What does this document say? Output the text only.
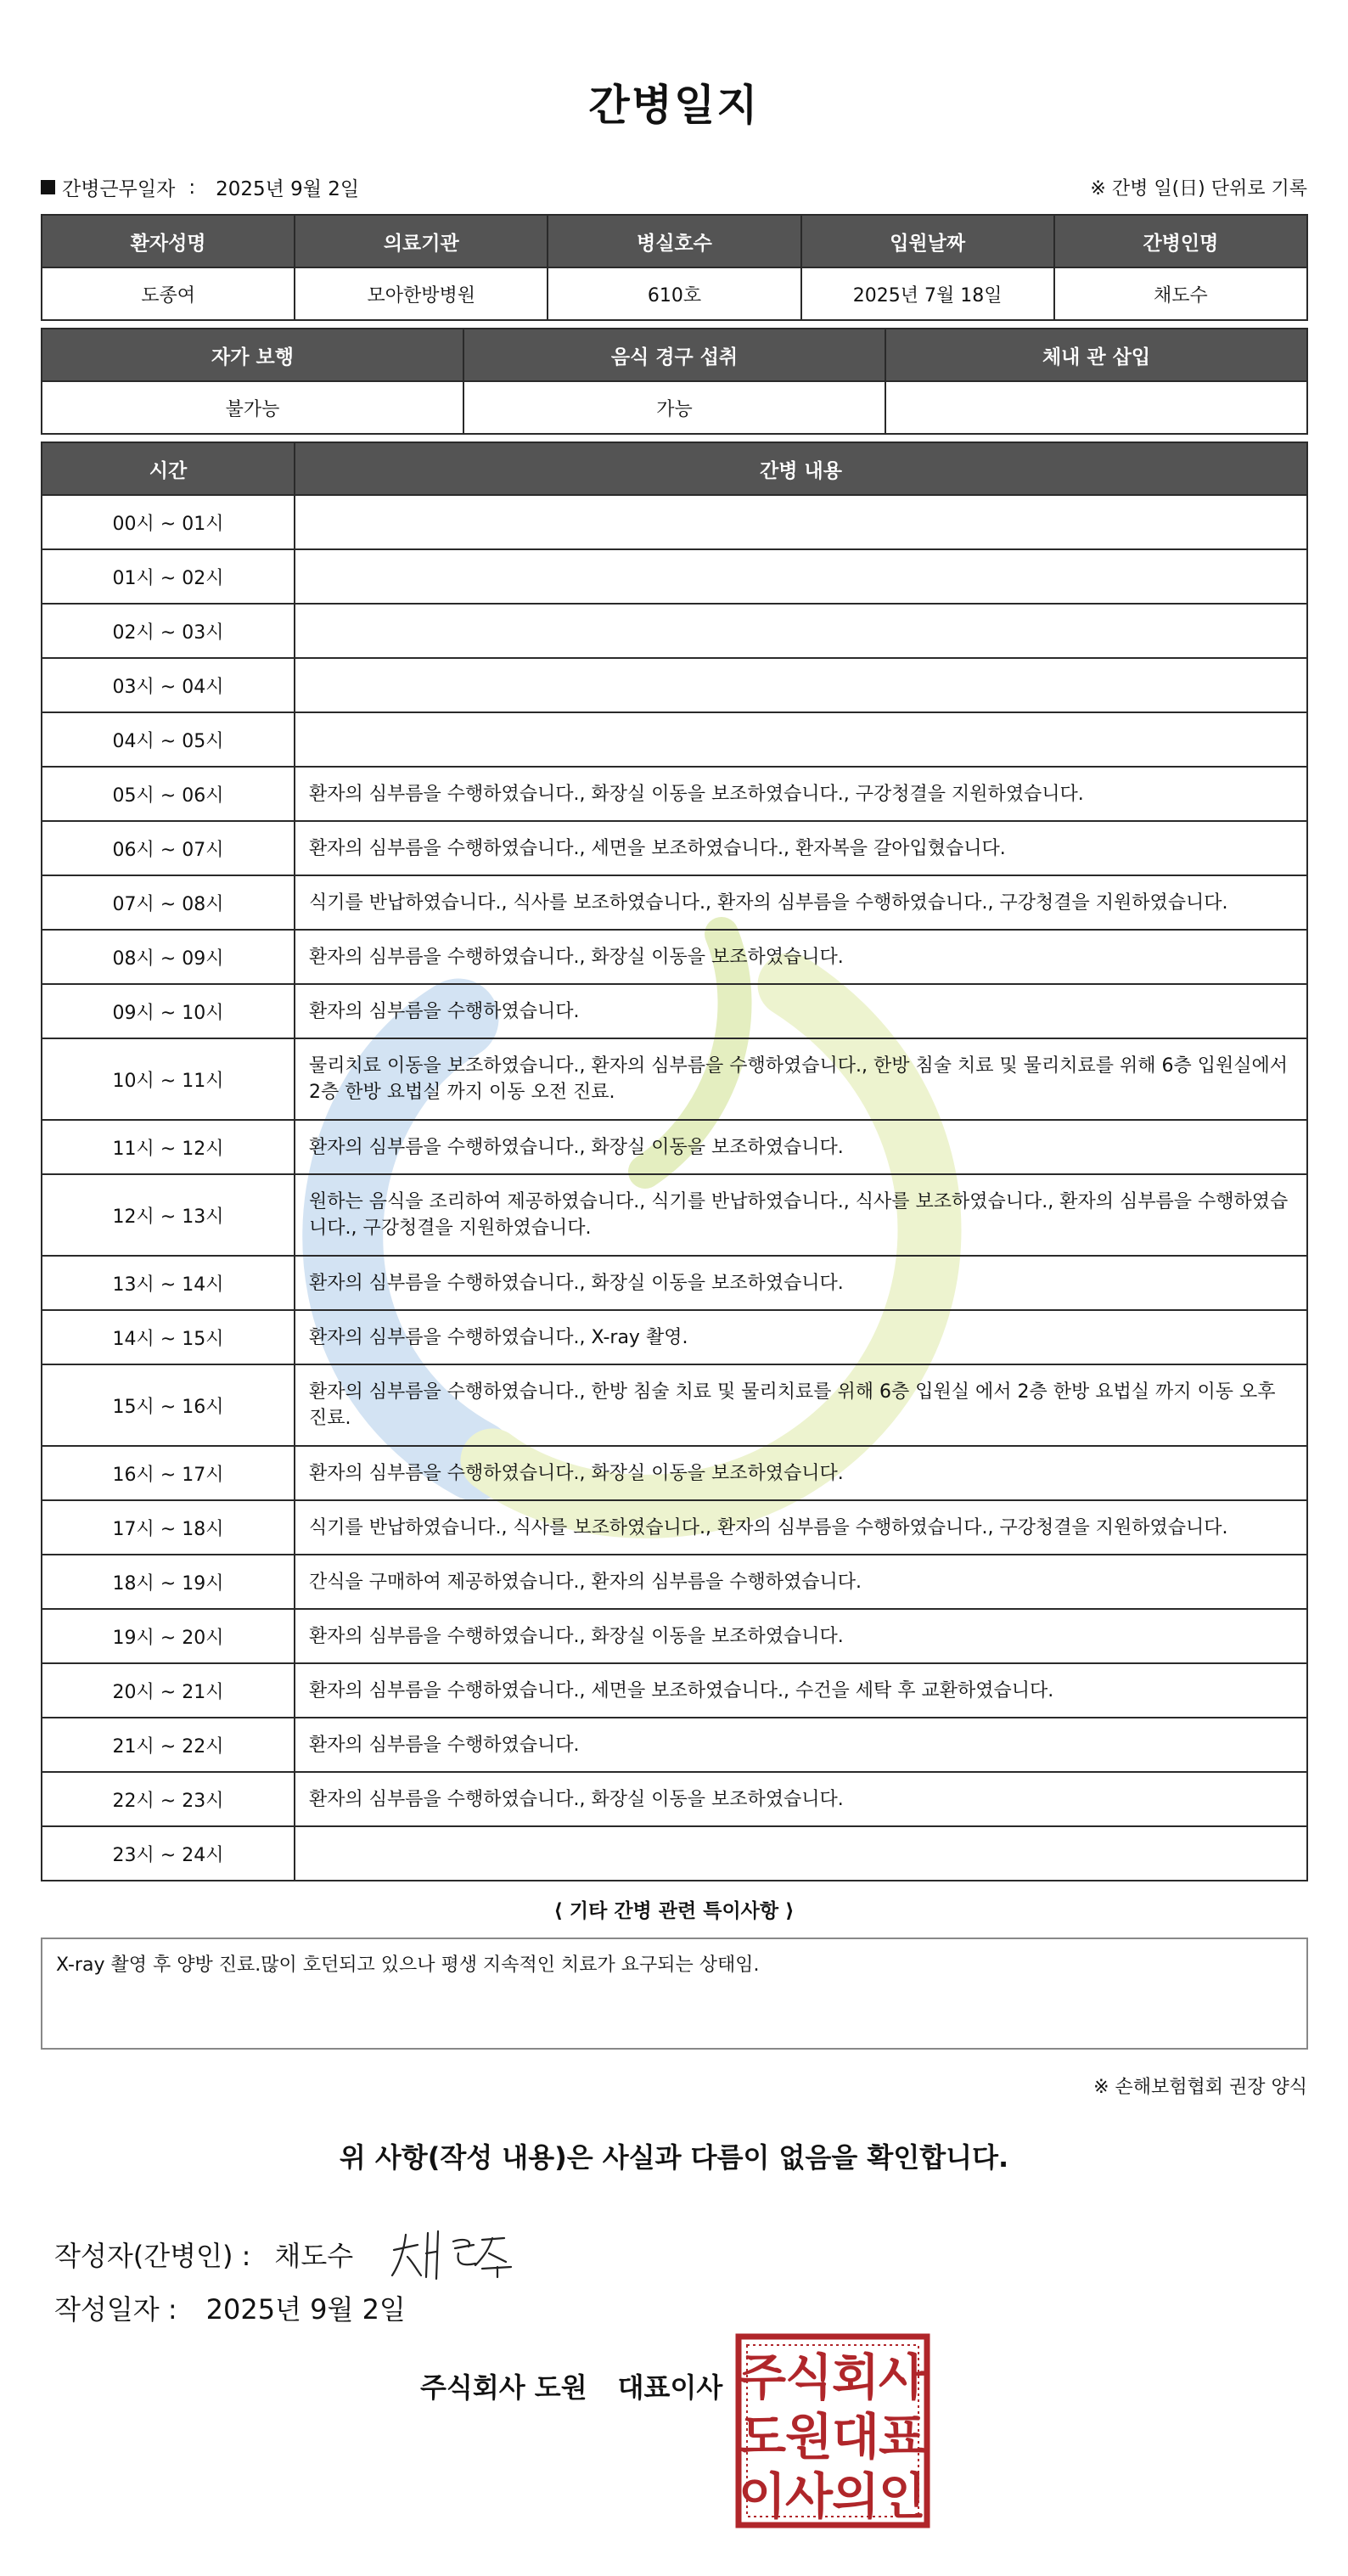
간병일지
간병근무일자 : 2025년 9월 2일	※ 간병 일(日) 단위로 기록
환자성명	의료기관	병실호수	입원날짜	간병인명
도종여	모아한방병원	610호	2025년 7월 18일	채도수
자가 보행	음식 경구 섭취	체내 관 삽입
불가능	가능	
시간	간병 내용
00시 ~ 01시	
01시 ~ 02시	
02시 ~ 03시	
03시 ~ 04시	
04시 ~ 05시	
05시 ~ 06시	환자의 심부름을 수행하였습니다., 화장실 이동을 보조하였습니다., 구강청결을 지원하였습니다.
06시 ~ 07시	환자의 심부름을 수행하였습니다., 세면을 보조하였습니다., 환자복을 갈아입혔습니다.
07시 ~ 08시	식기를 반납하였습니다., 식사를 보조하였습니다., 환자의 심부름을 수행하였습니다., 구강청결을 지원하였습니다.
08시 ~ 09시	환자의 심부름을 수행하였습니다., 화장실 이동을 보조하였습니다.
09시 ~ 10시	환자의 심부름을 수행하였습니다.
10시 ~ 11시	물리치료 이동을 보조하였습니다., 환자의 심부름을 수행하였습니다., 한방 침술 치료 및 물리치료를 위해 6층 입원실에서 2층 한방 요법실 까지 이동 오전 진료.
11시 ~ 12시	환자의 심부름을 수행하였습니다., 화장실 이동을 보조하였습니다.
12시 ~ 13시	원하는 음식을 조리하여 제공하였습니다., 식기를 반납하였습니다., 식사를 보조하였습니다., 환자의 심부름을 수행하였습니다., 구강청결을 지원하였습니다.
13시 ~ 14시	환자의 심부름을 수행하였습니다., 화장실 이동을 보조하였습니다.
14시 ~ 15시	환자의 심부름을 수행하였습니다., X-ray 촬영.
15시 ~ 16시	환자의 심부름을 수행하였습니다., 한방 침술 치료 및 물리치료를 위해 6층 입원실 에서 2층 한방 요법실 까지 이동 오후 진료.
16시 ~ 17시	환자의 심부름을 수행하였습니다., 화장실 이동을 보조하였습니다.
17시 ~ 18시	식기를 반납하였습니다., 식사를 보조하였습니다., 환자의 심부름을 수행하였습니다., 구강청결을 지원하였습니다.
18시 ~ 19시	간식을 구매하여 제공하였습니다., 환자의 심부름을 수행하였습니다.
19시 ~ 20시	환자의 심부름을 수행하였습니다., 화장실 이동을 보조하였습니다.
20시 ~ 21시	환자의 심부름을 수행하였습니다., 세면을 보조하였습니다., 수건을 세탁 후 교환하였습니다.
21시 ~ 22시	환자의 심부름을 수행하였습니다.
22시 ~ 23시	환자의 심부름을 수행하였습니다., 화장실 이동을 보조하였습니다.
23시 ~ 24시	
⟨ 기타 간병 관련 특이사항 ⟩
X-ray 촬영 후 양방 진료.많이 호던되고 있으나 평생 지속적인 치료가 요구되는 상태임.
※ 손해보험협회 권장 양식
위 사항(작성 내용)은 사실과 다름이 없음을 확인합니다.
작성자(간병인) : 채도수
작성일자 : 2025년 9월 2일
주식회사 도원 대표이사 주
식
회
사
도
원
대
표
이
사
의
인
